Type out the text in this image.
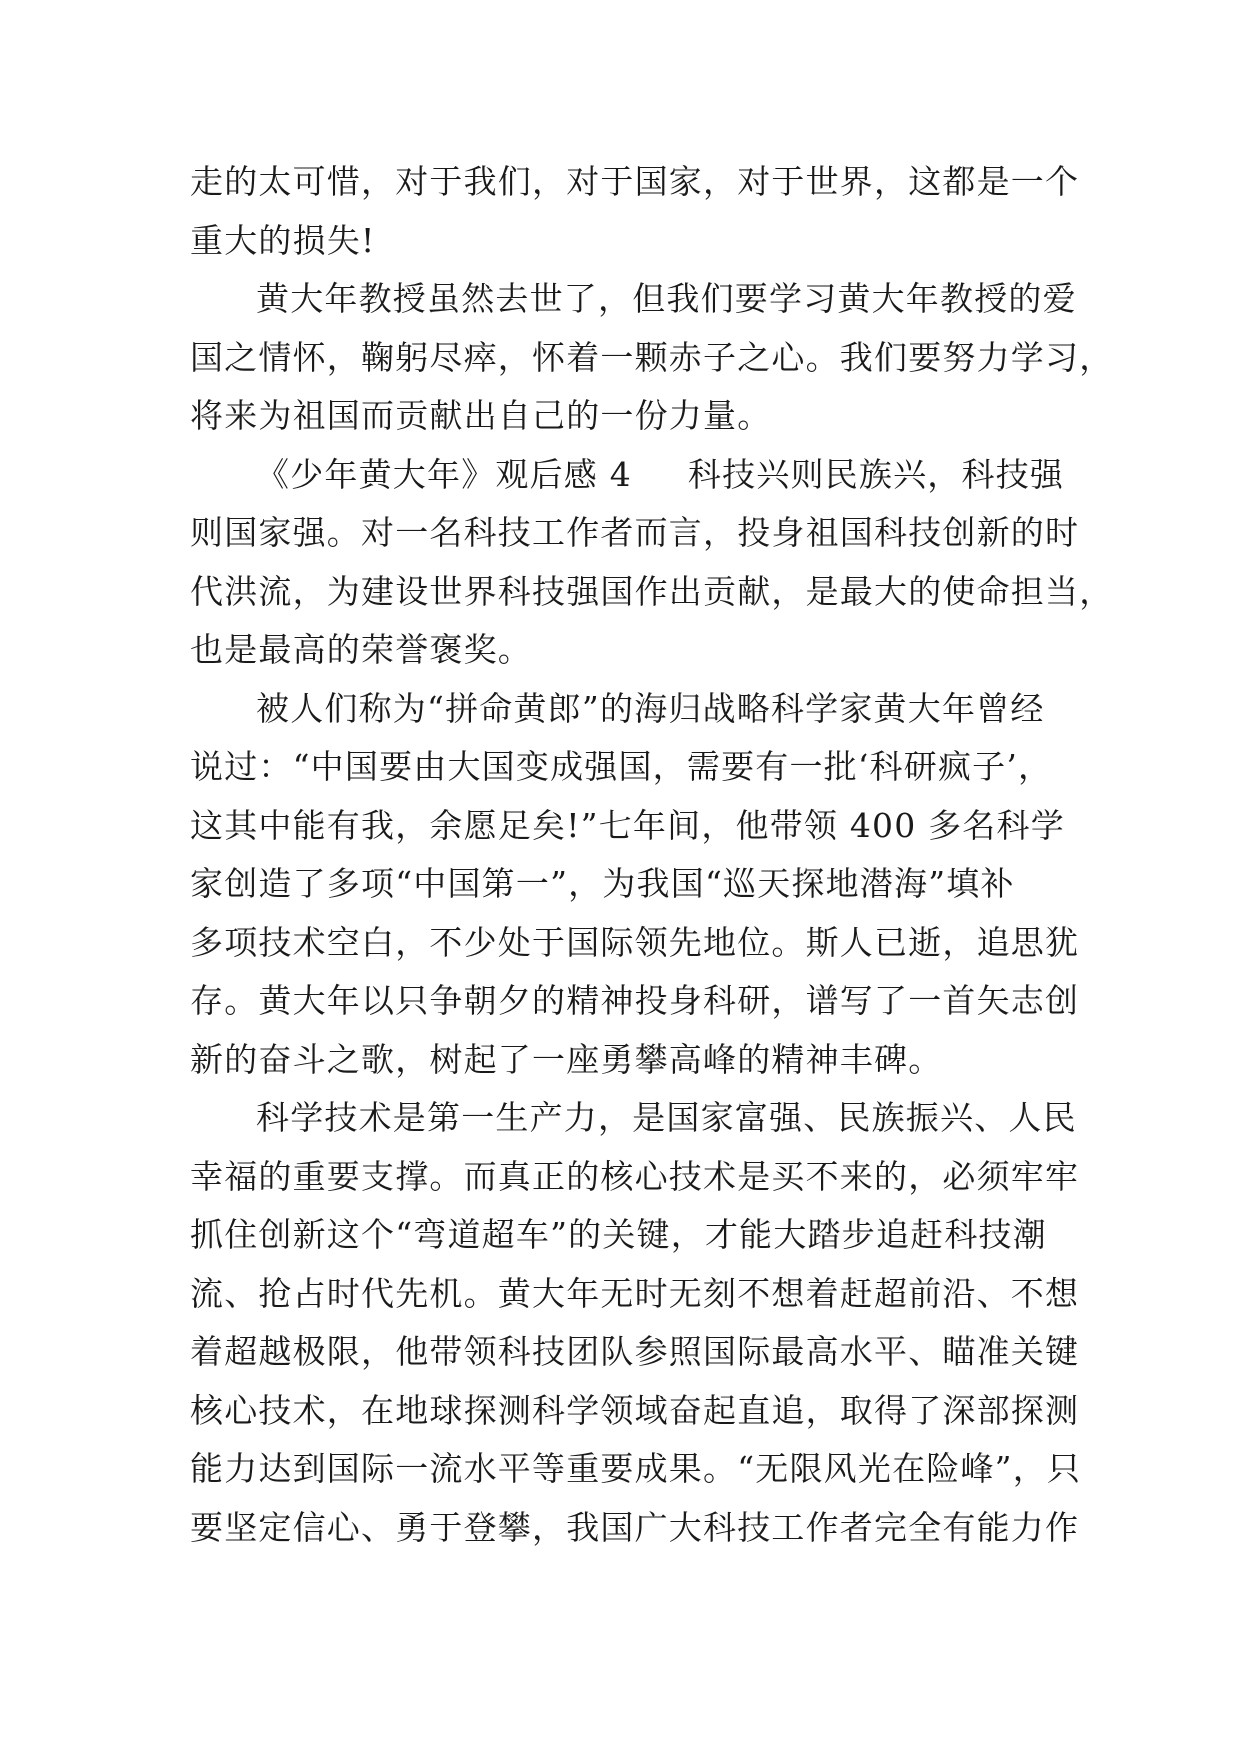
走的太可惜，对于我们，对于国家，对于世界，这都是一个
重大的损失!
黄大年教授虽然去世了，但我们要学习黄大年教授的爱
国之情怀，鞠躬尽瘁，怀着一颗赤子之心。我们要努力学习，
将来为祖国而贡献出自己的一份力量。
《少年黄大年》观后感 4 科技兴则民族兴，科技强
则国家强。对一名科技工作者而言，投身祖国科技创新的时
代洪流，为建设世界科技强国作出贡献，是最大的使命担当，
也是最高的荣誉褒奖。
被人们称为“拼命黄郎”的海归战略科学家黄大年曾经
说过：“中国要由大国变成强国，需要有一批‘科研疯子’，
这其中能有我，余愿足矣!”七年间，他带领 400 多名科学
家创造了多项“中国第一”，为我国“巡天探地潜海”填补
多项技术空白，不少处于国际领先地位。斯人已逝，追思犹
存。黄大年以只争朝夕的精神投身科研，谱写了一首矢志创
新的奋斗之歌，树起了一座勇攀高峰的精神丰碑。
科学技术是第一生产力，是国家富强、民族振兴、人民
幸福的重要支撑。而真正的核心技术是买不来的，必须牢牢
抓住创新这个“弯道超车”的关键，才能大踏步追赶科技潮
流、抢占时代先机。黄大年无时无刻不想着赶超前沿、不想
着超越极限，他带领科技团队参照国际最高水平、瞄准关键
核心技术，在地球探测科学领域奋起直追，取得了深部探测
能力达到国际一流水平等重要成果。“无限风光在险峰”，只
要坚定信心、勇于登攀，我国广大科技工作者完全有能力作
